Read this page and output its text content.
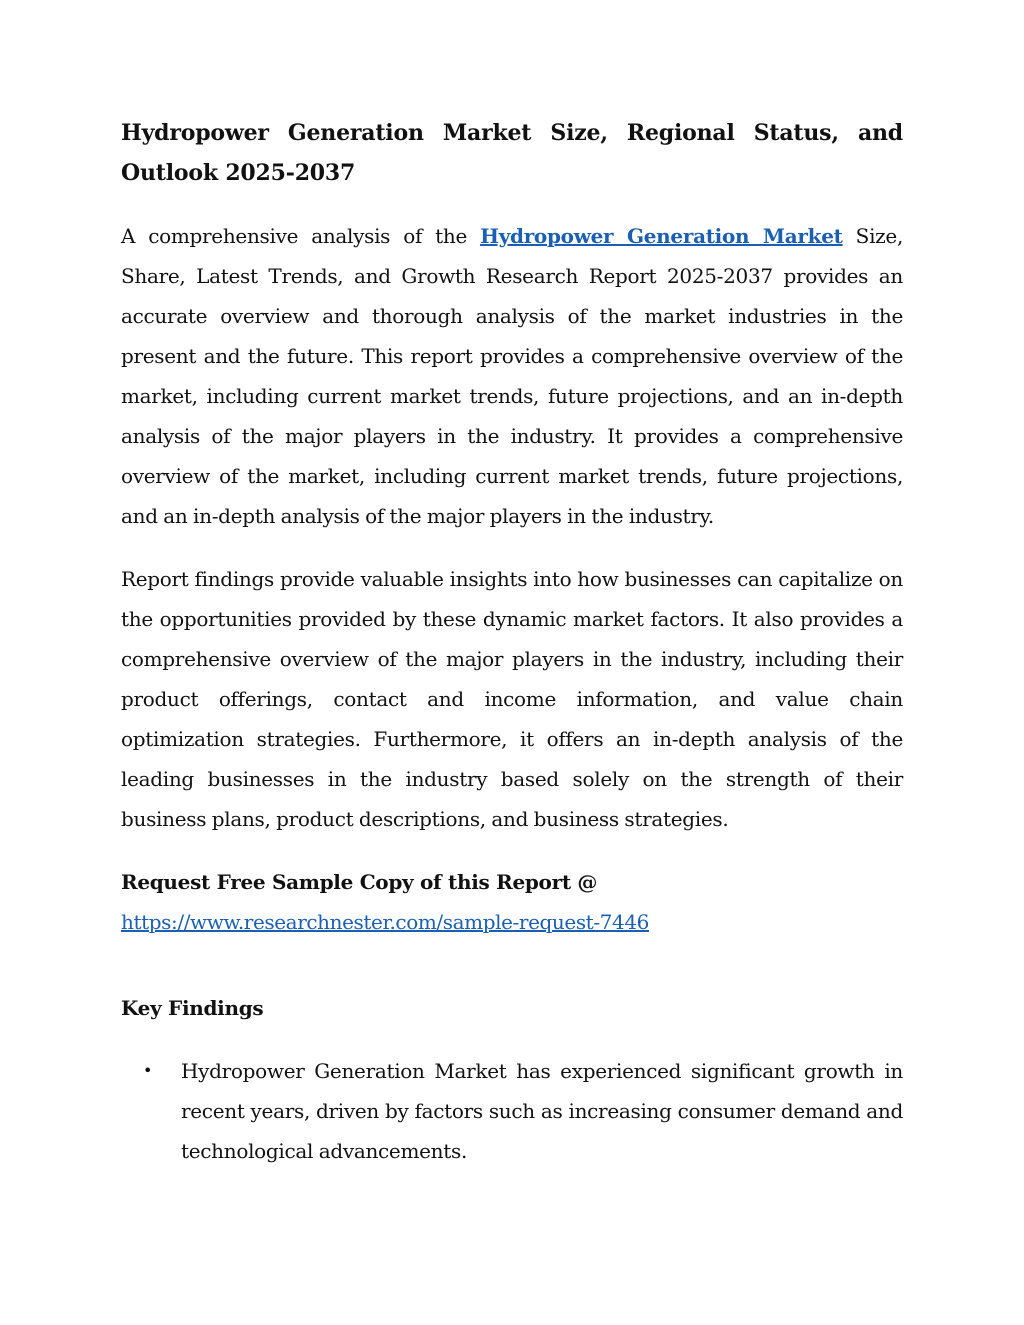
Hydropower Generation Market Size, Regional Status, and Outlook 2025-2037

A comprehensive analysis of the Hydropower Generation Market Size, Share, Latest Trends, and Growth Research Report 2025-2037 provides an accurate overview and thorough analysis of the market industries in the present and the future. This report provides a comprehensive overview of the market, including current market trends, future projections, and an in-depth analysis of the major players in the industry. It provides a comprehensive overview of the market, including current market trends, future projections, and an in-depth analysis of the major players in the industry.

Report findings provide valuable insights into how businesses can capitalize on the opportunities provided by these dynamic market factors. It also provides a comprehensive overview of the major players in the industry, including their product offerings, contact and income information, and value chain optimization strategies. Furthermore, it offers an in-depth analysis of the leading businesses in the industry based solely on the strength of their business plans, product descriptions, and business strategies.

Request Free Sample Copy of this Report @

https://www.researchnester.com/sample-request-7446

Key Findings

• Hydropower Generation Market has experienced significant growth in recent years, driven by factors such as increasing consumer demand and technological advancements.
